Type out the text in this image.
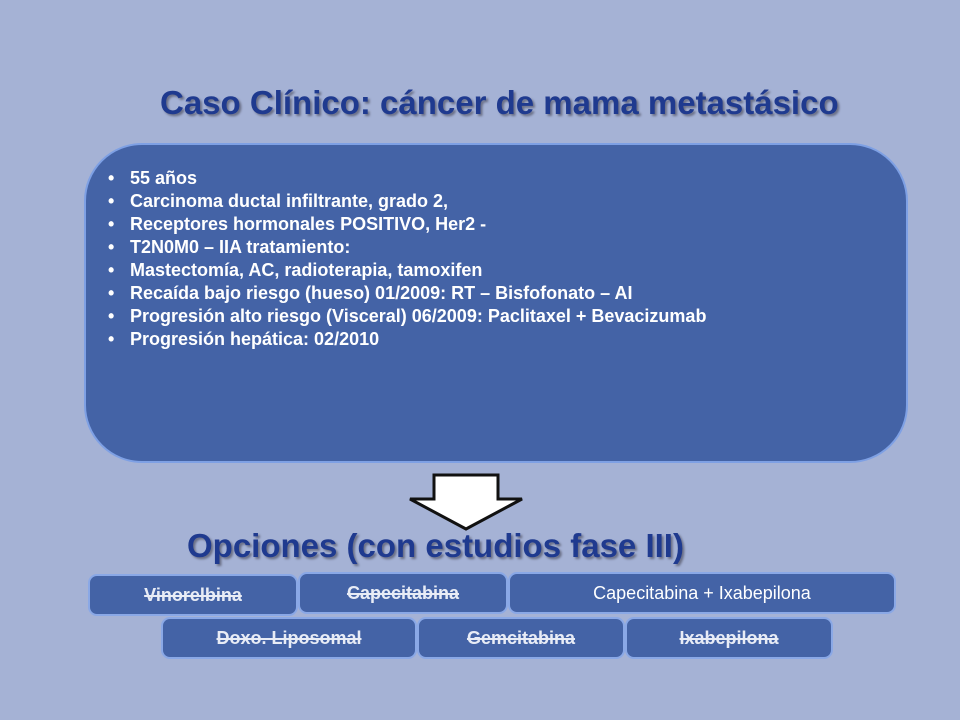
Caso Clínico: cáncer de mama metastásico
• 55 años
• Carcinoma ductal infiltrante, grado 2,
• Receptores hormonales POSITIVO, Her2 -
• T2N0M0 – IIA tratamiento:
• Mastectomía, AC, radioterapia, tamoxifen
• Recaída bajo riesgo (hueso) 01/2009: RT – Bisfofonato – AI
• Progresión alto riesgo (Visceral) 06/2009: Paclitaxel + Bevacizumab
• Progresión hepática: 02/2010
Opciones (con estudios fase III)
Vinorelbina	Capecitabina	Capecitabina + Ixabepilona
Doxo. Liposomal	Gemcitabina	Ixabepilona
